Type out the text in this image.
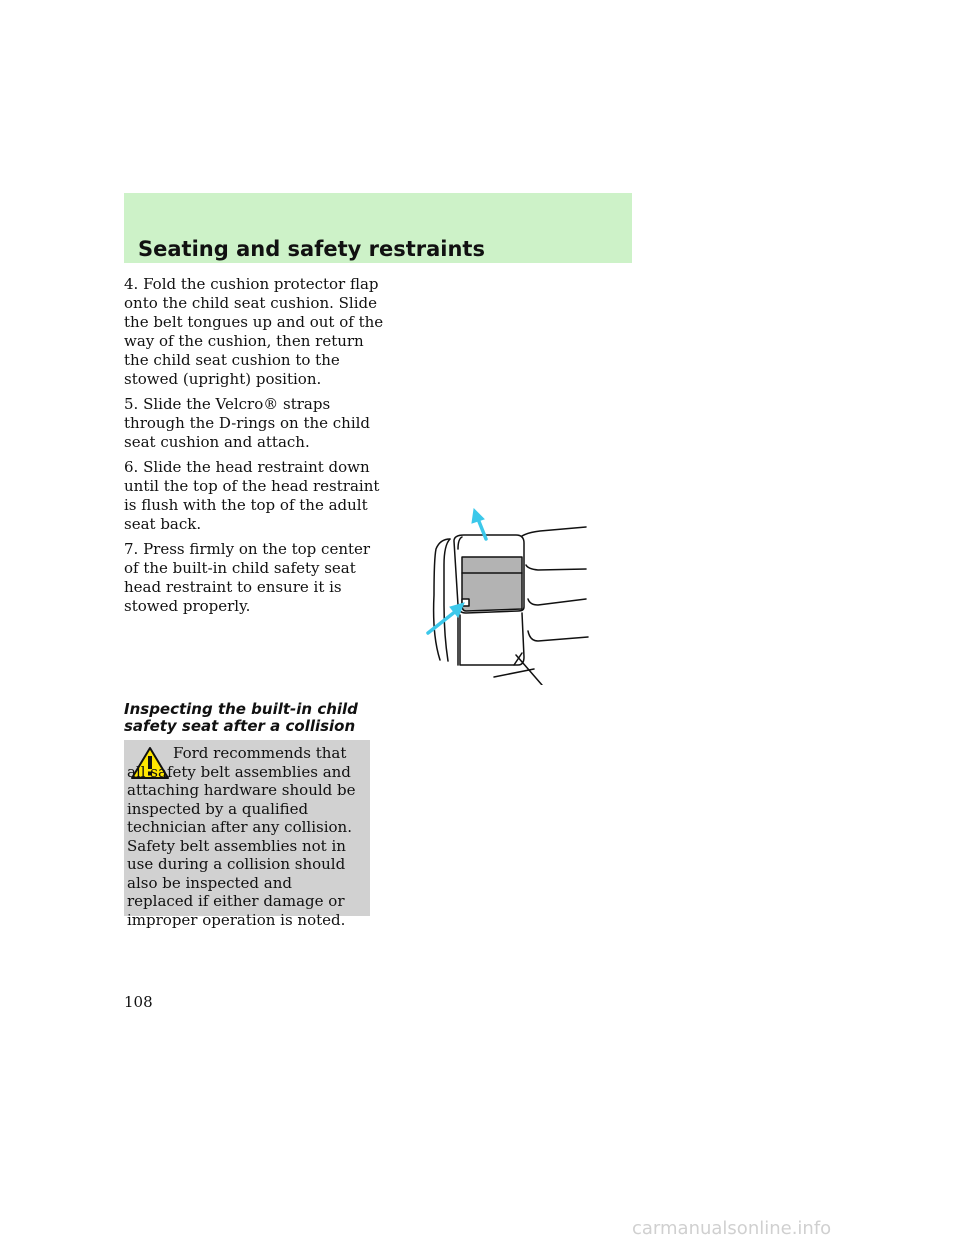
Seating and safety restraints

4. Fold the cushion protector flap onto the child seat cushion. Slide the belt tongues up and out of the way of the cushion, then return the child seat cushion to the stowed (upright) position.

5. Slide the Velcro® straps through the D-rings on the child seat cushion and attach.

6. Slide the head restraint down until the top of the head restraint is flush with the top of the adult seat back.

7. Press firmly on the top center of the built-in child safety seat head restraint to ensure it is stowed properly.

Inspecting the built-in child safety seat after a collision

Ford recommends that all safety belt assemblies and attaching hardware should be inspected by a qualified technician after any collision. Safety belt assemblies not in use during a collision should also be inspected and replaced if either damage or improper operation is noted.

108
carmanualsonline.info
